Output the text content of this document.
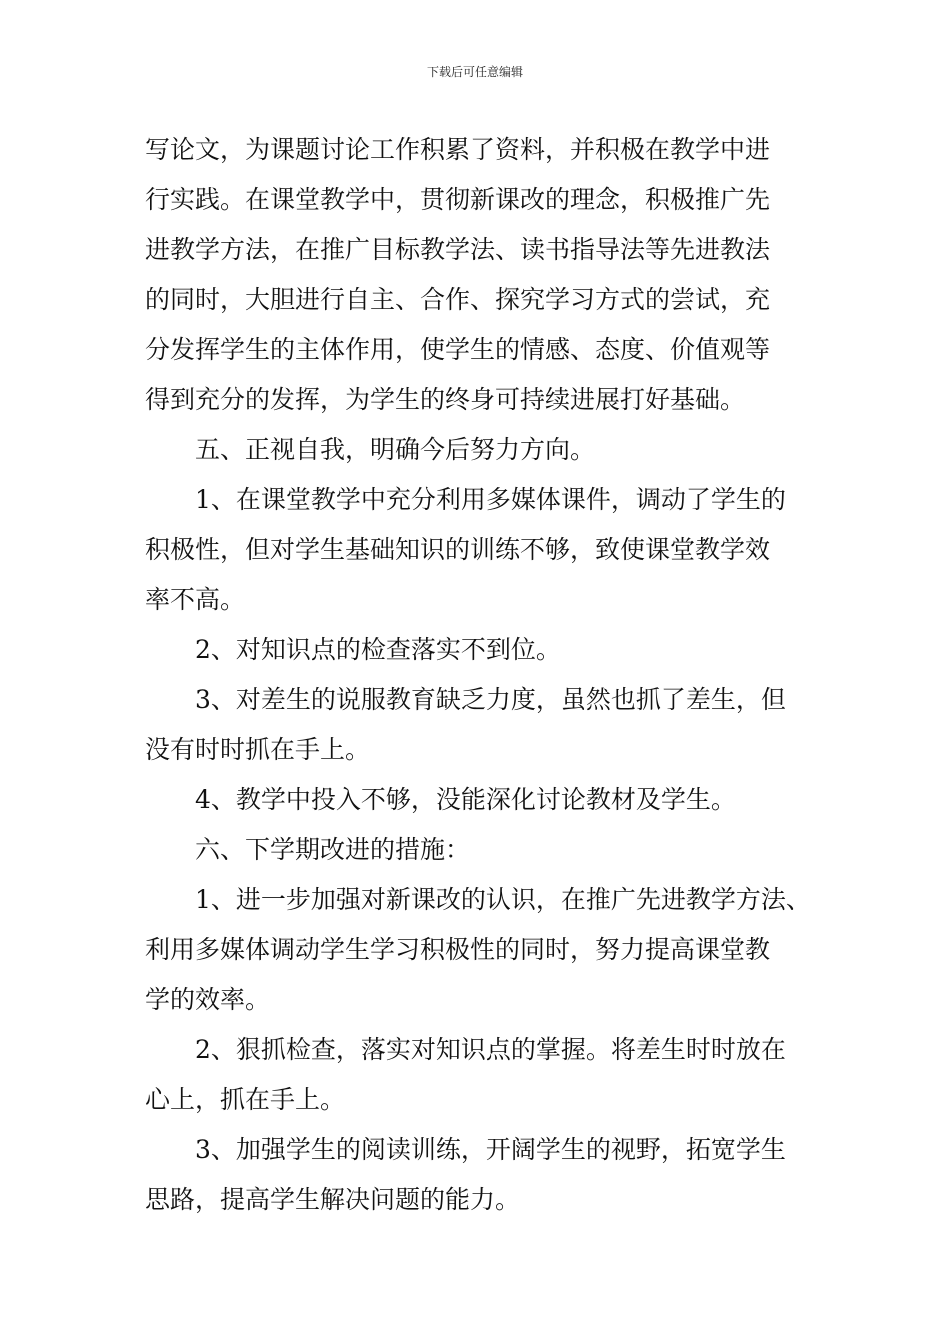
下载后可任意编辑
写论文，为课题讨论工作积累了资料，并积极在教学中进
行实践。在课堂教学中，贯彻新课改的理念，积极推广先
进教学方法，在推广目标教学法、读书指导法等先进教法
的同时，大胆进行自主、合作、探究学习方式的尝试，充
分发挥学生的主体作用，使学生的情感、态度、价值观等
得到充分的发挥，为学生的终身可持续进展打好基础。
五、正视自我，明确今后努力方向。
1、在课堂教学中充分利用多媒体课件，调动了学生的
积极性，但对学生基础知识的训练不够，致使课堂教学效
率不高。
2、对知识点的检查落实不到位。
3、对差生的说服教育缺乏力度，虽然也抓了差生，但
没有时时抓在手上。
4、教学中投入不够，没能深化讨论教材及学生。
六、下学期改进的措施：
1、进一步加强对新课改的认识，在推广先进教学方法、
利用多媒体调动学生学习积极性的同时，努力提高课堂教
学的效率。
2、狠抓检查，落实对知识点的掌握。将差生时时放在
心上，抓在手上。
3、加强学生的阅读训练，开阔学生的视野，拓宽学生
思路，提高学生解决问题的能力。
